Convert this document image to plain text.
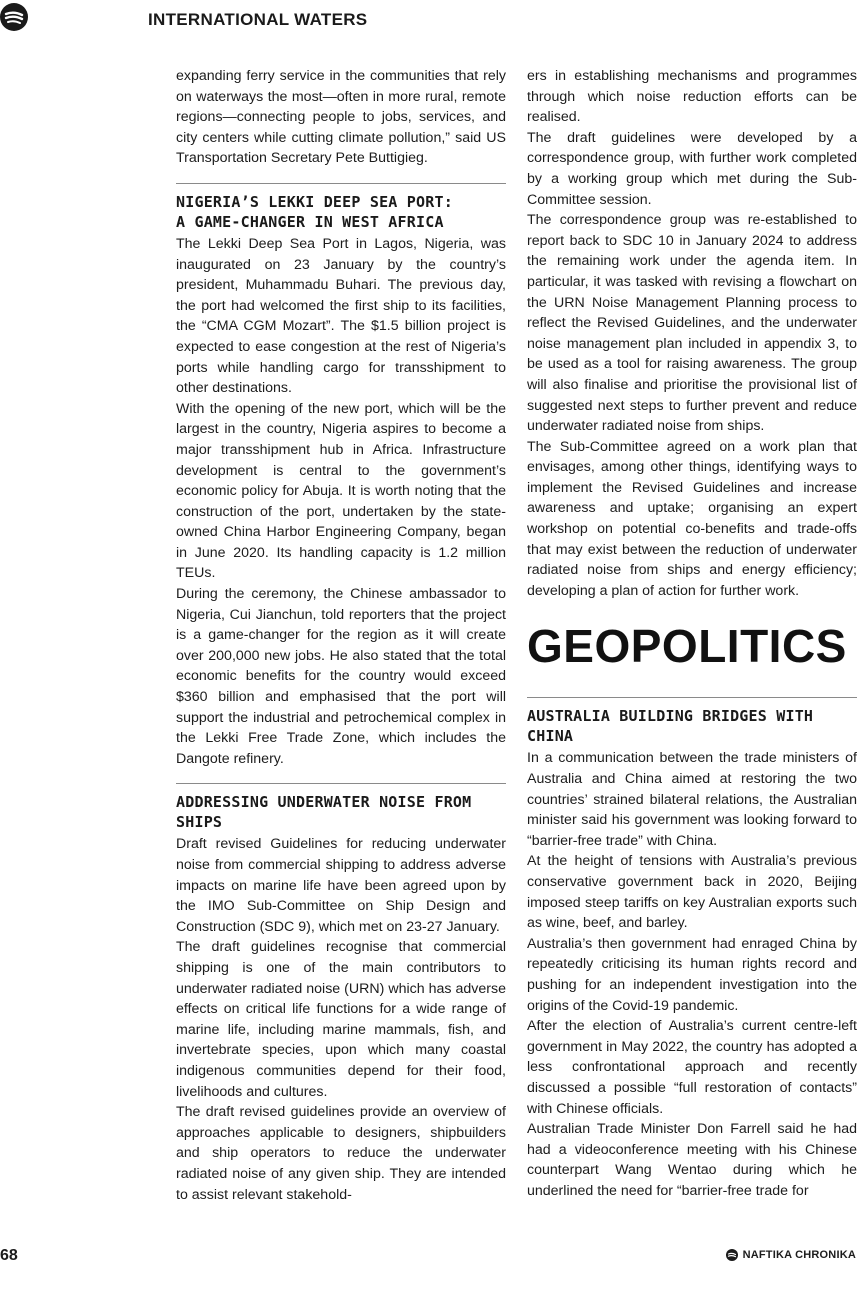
INTERNATIONAL WATERS

expanding ferry service in the communities that rely on waterways the most—often in more rural, remote regions—connecting people to jobs, services, and city centers while cutting climate pollution,” said US Transportation Secretary Pete Buttigieg.

NIGERIA’S LEKKI DEEP SEA PORT:
A GAME-CHANGER IN WEST AFRICA

The Lekki Deep Sea Port in Lagos, Nigeria, was inaugurated on 23 January by the country’s president, Muhammadu Buhari. The previous day, the port had welcomed the first ship to its facilities, the “CMA CGM Mozart”. The $1.5 billion project is expected to ease congestion at the rest of Nigeria’s ports while handling cargo for transshipment to other destinations.

With the opening of the new port, which will be the largest in the country, Nigeria aspires to become a major transshipment hub in Africa. Infrastructure development is central to the government’s economic policy for Abuja. It is worth noting that the construction of the port, undertaken by the state-owned China Harbor Engineering Company, began in June 2020. Its handling capacity is 1.2 million TEUs.

During the ceremony, the Chinese ambassador to Nigeria, Cui Jianchun, told reporters that the project is a game-changer for the region as it will create over 200,000 new jobs. He also stated that the total economic benefits for the country would exceed $360 billion and emphasised that the port will support the industrial and petrochemical complex in the Lekki Free Trade Zone, which includes the Dangote refinery.

ADDRESSING UNDERWATER NOISE FROM SHIPS

Draft revised Guidelines for reducing underwater noise from commercial shipping to address adverse impacts on marine life have been agreed upon by the IMO Sub-Committee on Ship Design and Construction (SDC 9), which met on 23-27 January.

The draft guidelines recognise that commercial shipping is one of the main contributors to underwater radiated noise (URN) which has adverse effects on critical life functions for a wide range of marine life, including marine mammals, fish, and invertebrate species, upon which many coastal indigenous communities depend for their food, livelihoods and cultures.

The draft revised guidelines provide an overview of approaches applicable to designers, shipbuilders and ship operators to reduce the underwater radiated noise of any given ship. They are intended to assist relevant stakehold-

ers in establishing mechanisms and programmes through which noise reduction efforts can be realised.

The draft guidelines were developed by a correspondence group, with further work completed by a working group which met during the Sub-Committee session.

The correspondence group was re-established to report back to SDC 10 in January 2024 to address the remaining work under the agenda item. In particular, it was tasked with revising a flowchart on the URN Noise Management Planning process to reflect the Revised Guidelines, and the underwater noise management plan included in appendix 3, to be used as a tool for raising awareness. The group will also finalise and prioritise the provisional list of suggested next steps to further prevent and reduce underwater radiated noise from ships.

The Sub-Committee agreed on a work plan that envisages, among other things, identifying ways to implement the Revised Guidelines and increase awareness and uptake; organising an expert workshop on potential co-benefits and trade-offs that may exist between the reduction of underwater radiated noise from ships and energy efficiency; developing a plan of action for further work.

GEOPOLITICS
AUSTRALIA BUILDING BRIDGES WITH CHINA

In a communication between the trade ministers of Australia and China aimed at restoring the two countries’ strained bilateral relations, the Australian minister said his government was looking forward to “barrier-free trade” with China.

At the height of tensions with Australia’s previous conservative government back in 2020, Beijing imposed steep tariffs on key Australian exports such as wine, beef, and barley.

Australia’s then government had enraged China by repeatedly criticising its human rights record and pushing for an independent investigation into the origins of the Covid-19 pandemic.

After the election of Australia’s current centre-left government in May 2022, the country has adopted a less confrontational approach and recently discussed a possible “full restoration of contacts” with Chinese officials.

Australian Trade Minister Don Farrell said he had had a videoconference meeting with his Chinese counterpart Wang Wentao during which he underlined the need for “barrier-free trade for

68	NAFTIKA CHRONIKA
